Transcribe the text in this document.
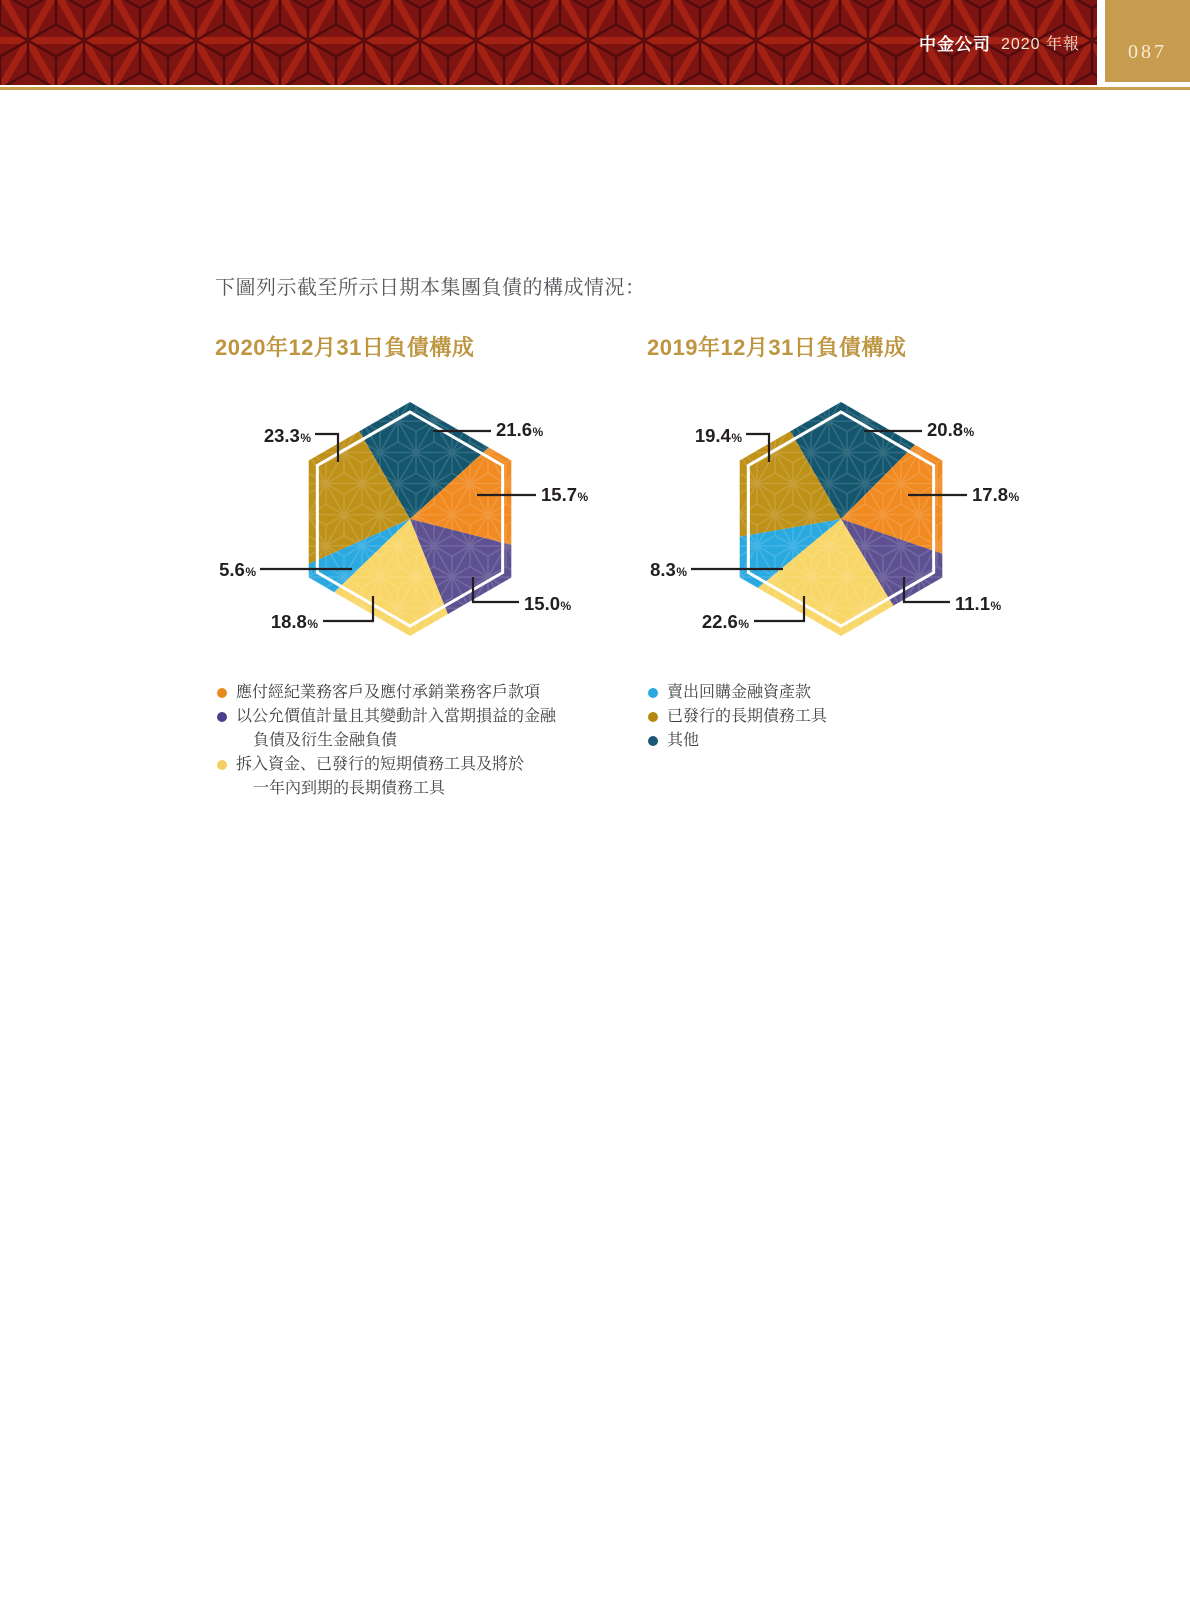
中金公司 2020 年報 087

下圖列示截至所示日期本集團負債的構成情況：

2020年12月31日負債構成	2019年12月31日負債構成
21.6%
15.7%
15.0%
18.8%
5.6%
23.3%	20.8%
17.8%
11.1%
22.6%
8.3%
19.4%
應付經紀業務客戶及應付承銷業務客戶款項
以公允價值計量且其變動計入當期損益的金融
負債及衍生金融負債
拆入資金、已發行的短期債務工具及將於
一年內到期的長期債務工具
賣出回購金融資產款
已發行的長期債務工具
其他
